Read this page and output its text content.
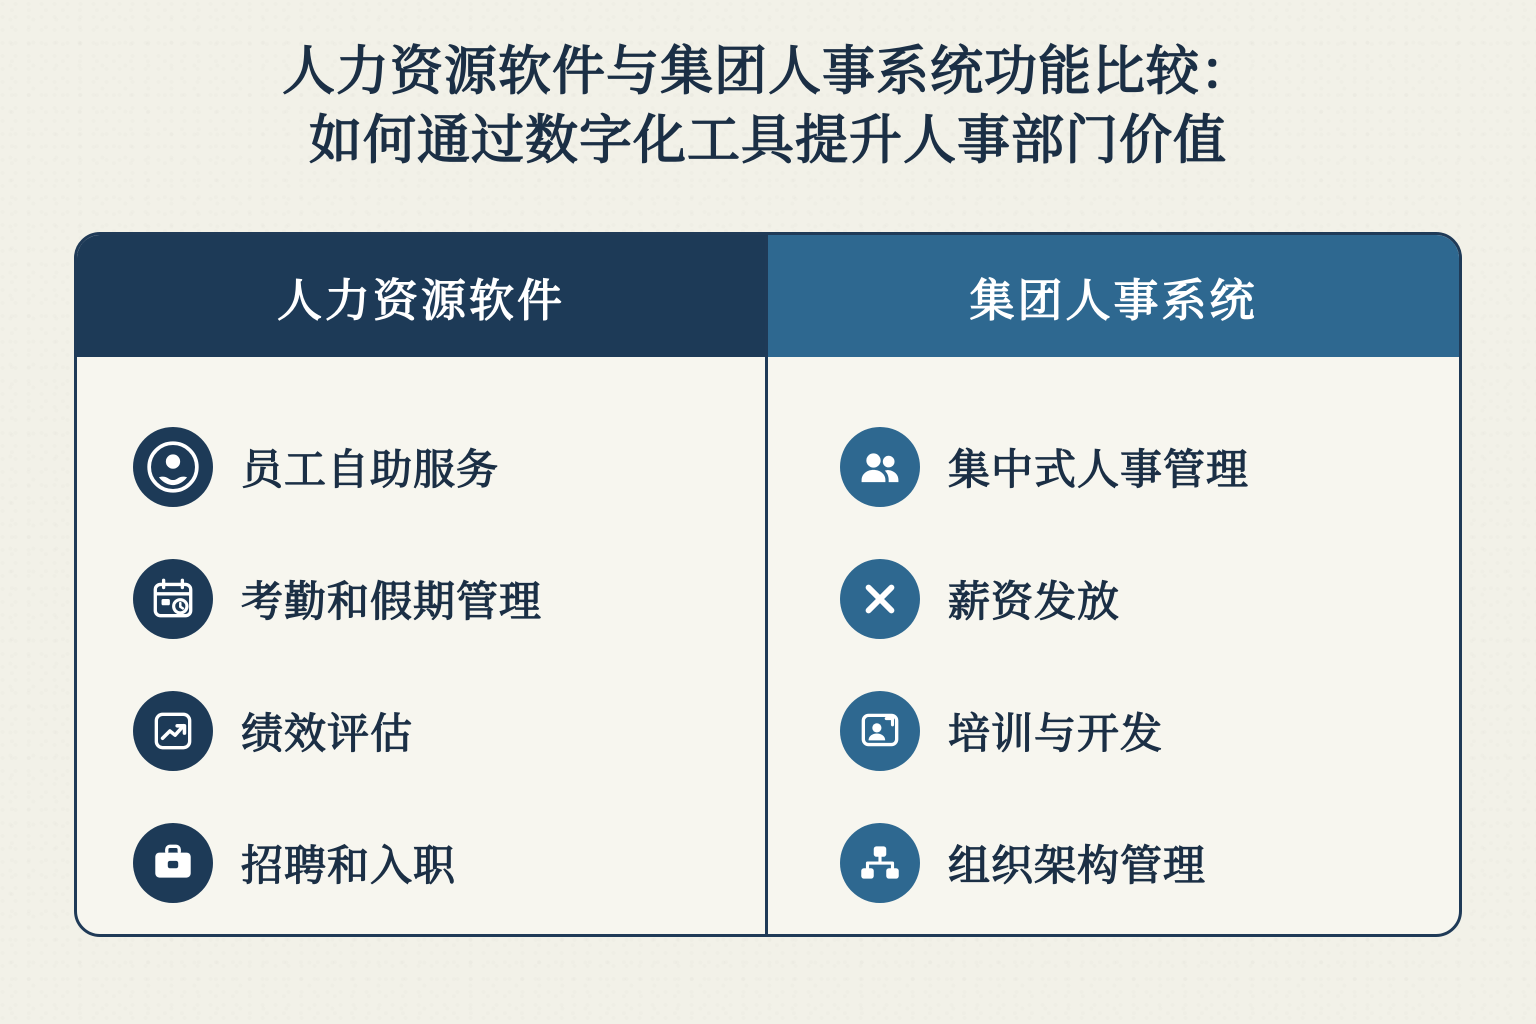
人力资源软件与集团人事系统功能比较：
如何通过数字化工具提升人事部门价值
人力资源软件
员工自助服务
考勤和假期管理
绩效评估
招聘和入职
集团人事系统
集中式人事管理
薪资发放
培训与开发
组织架构管理
